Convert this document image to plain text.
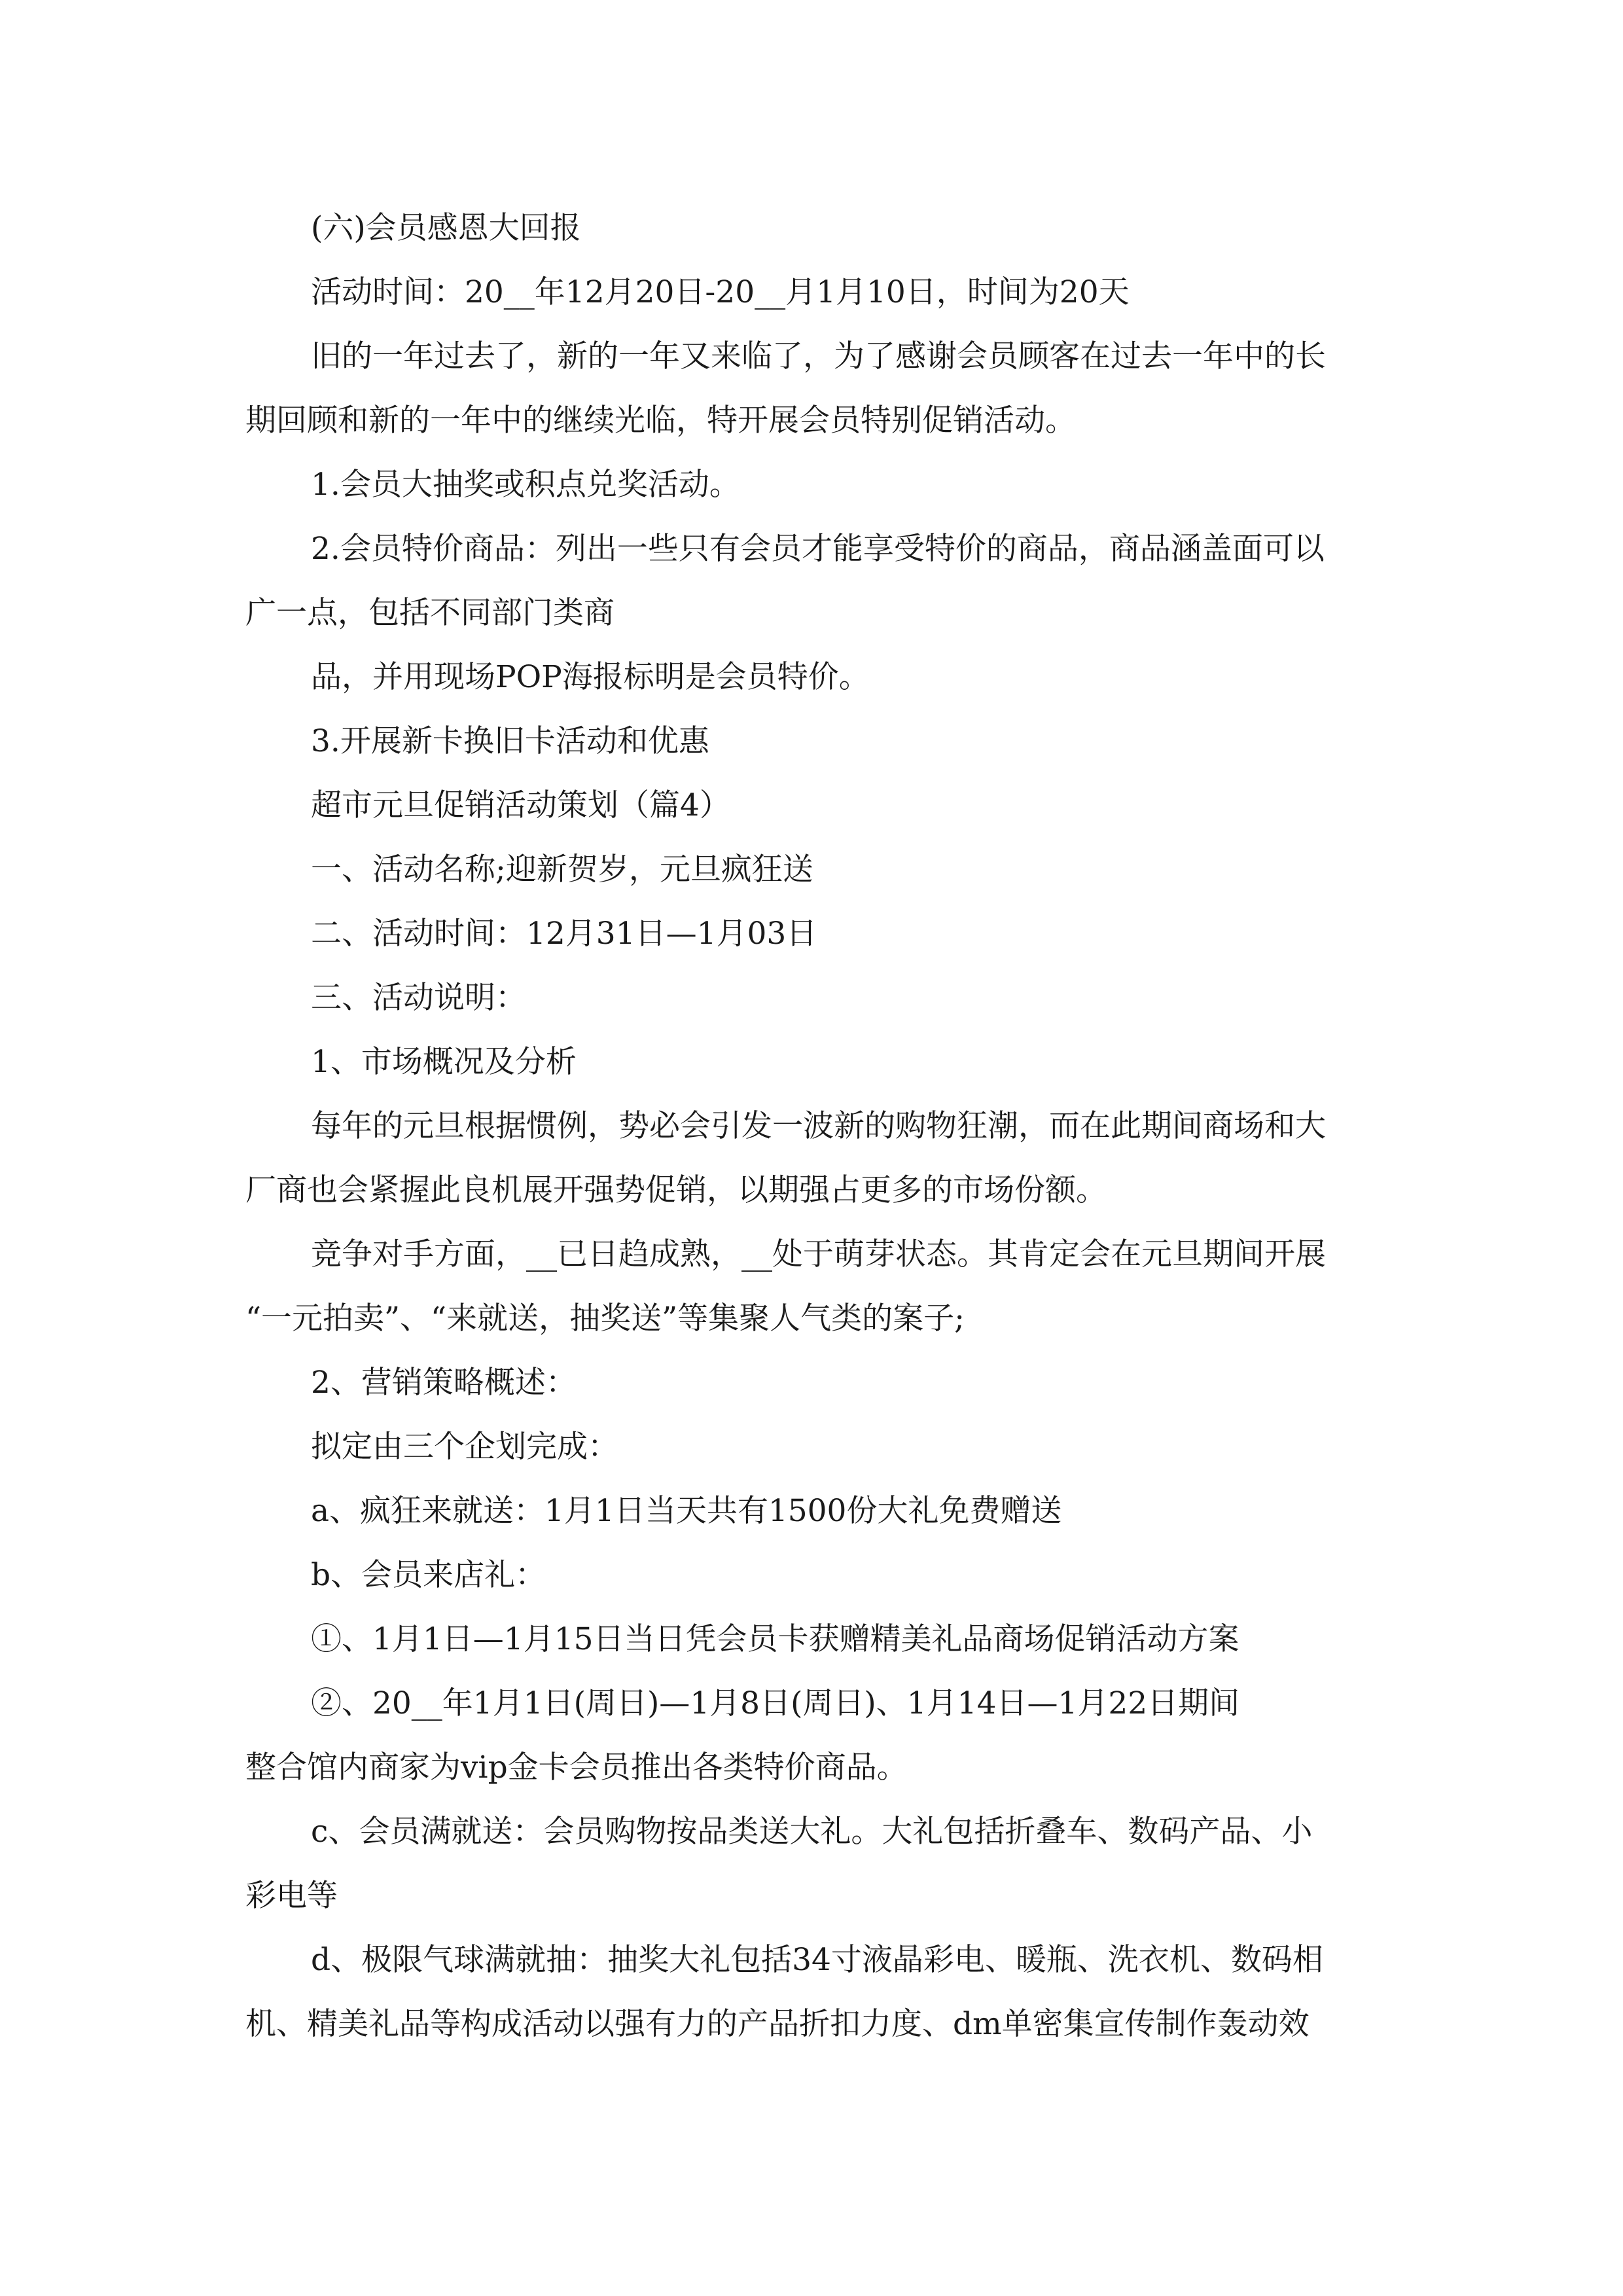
(六)会员感恩大回报

活动时间：20__年12月20日-20__月1月10日，时间为20天

旧的一年过去了，新的一年又来临了，为了感谢会员顾客在过去一年中的长

期回顾和新的一年中的继续光临，特开展会员特别促销活动。

1.会员大抽奖或积点兑奖活动。

2.会员特价商品：列出一些只有会员才能享受特价的商品，商品涵盖面可以

广一点，包括不同部门类商

品，并用现场POP海报标明是会员特价。

3.开展新卡换旧卡活动和优惠

超市元旦促销活动策划（篇4）

一、活动名称;迎新贺岁，元旦疯狂送

二、活动时间：12月31日—1月03日

三、活动说明：

1、市场概况及分析

每年的元旦根据惯例，势必会引发一波新的购物狂潮，而在此期间商场和大

厂商也会紧握此良机展开强势促销，以期强占更多的市场份额。

竞争对手方面，__已日趋成熟，__处于萌芽状态。其肯定会在元旦期间开展

“一元拍卖”、“来就送，抽奖送”等集聚人气类的案子;

2、营销策略概述：

拟定由三个企划完成：

a、疯狂来就送：1月1日当天共有1500份大礼免费赠送

b、会员来店礼：

①、1月1日—1月15日当日凭会员卡获赠精美礼品商场促销活动方案

②、20__年1月1日(周日)—1月8日(周日)、1月14日—1月22日期间

整合馆内商家为vip金卡会员推出各类特价商品。

c、会员满就送：会员购物按品类送大礼。大礼包括折叠车、数码产品、小

彩电等

d、极限气球满就抽：抽奖大礼包括34寸液晶彩电、暖瓶、洗衣机、数码相

机、精美礼品等构成活动以强有力的产品折扣力度、dm单密集宣传制作轰动效
